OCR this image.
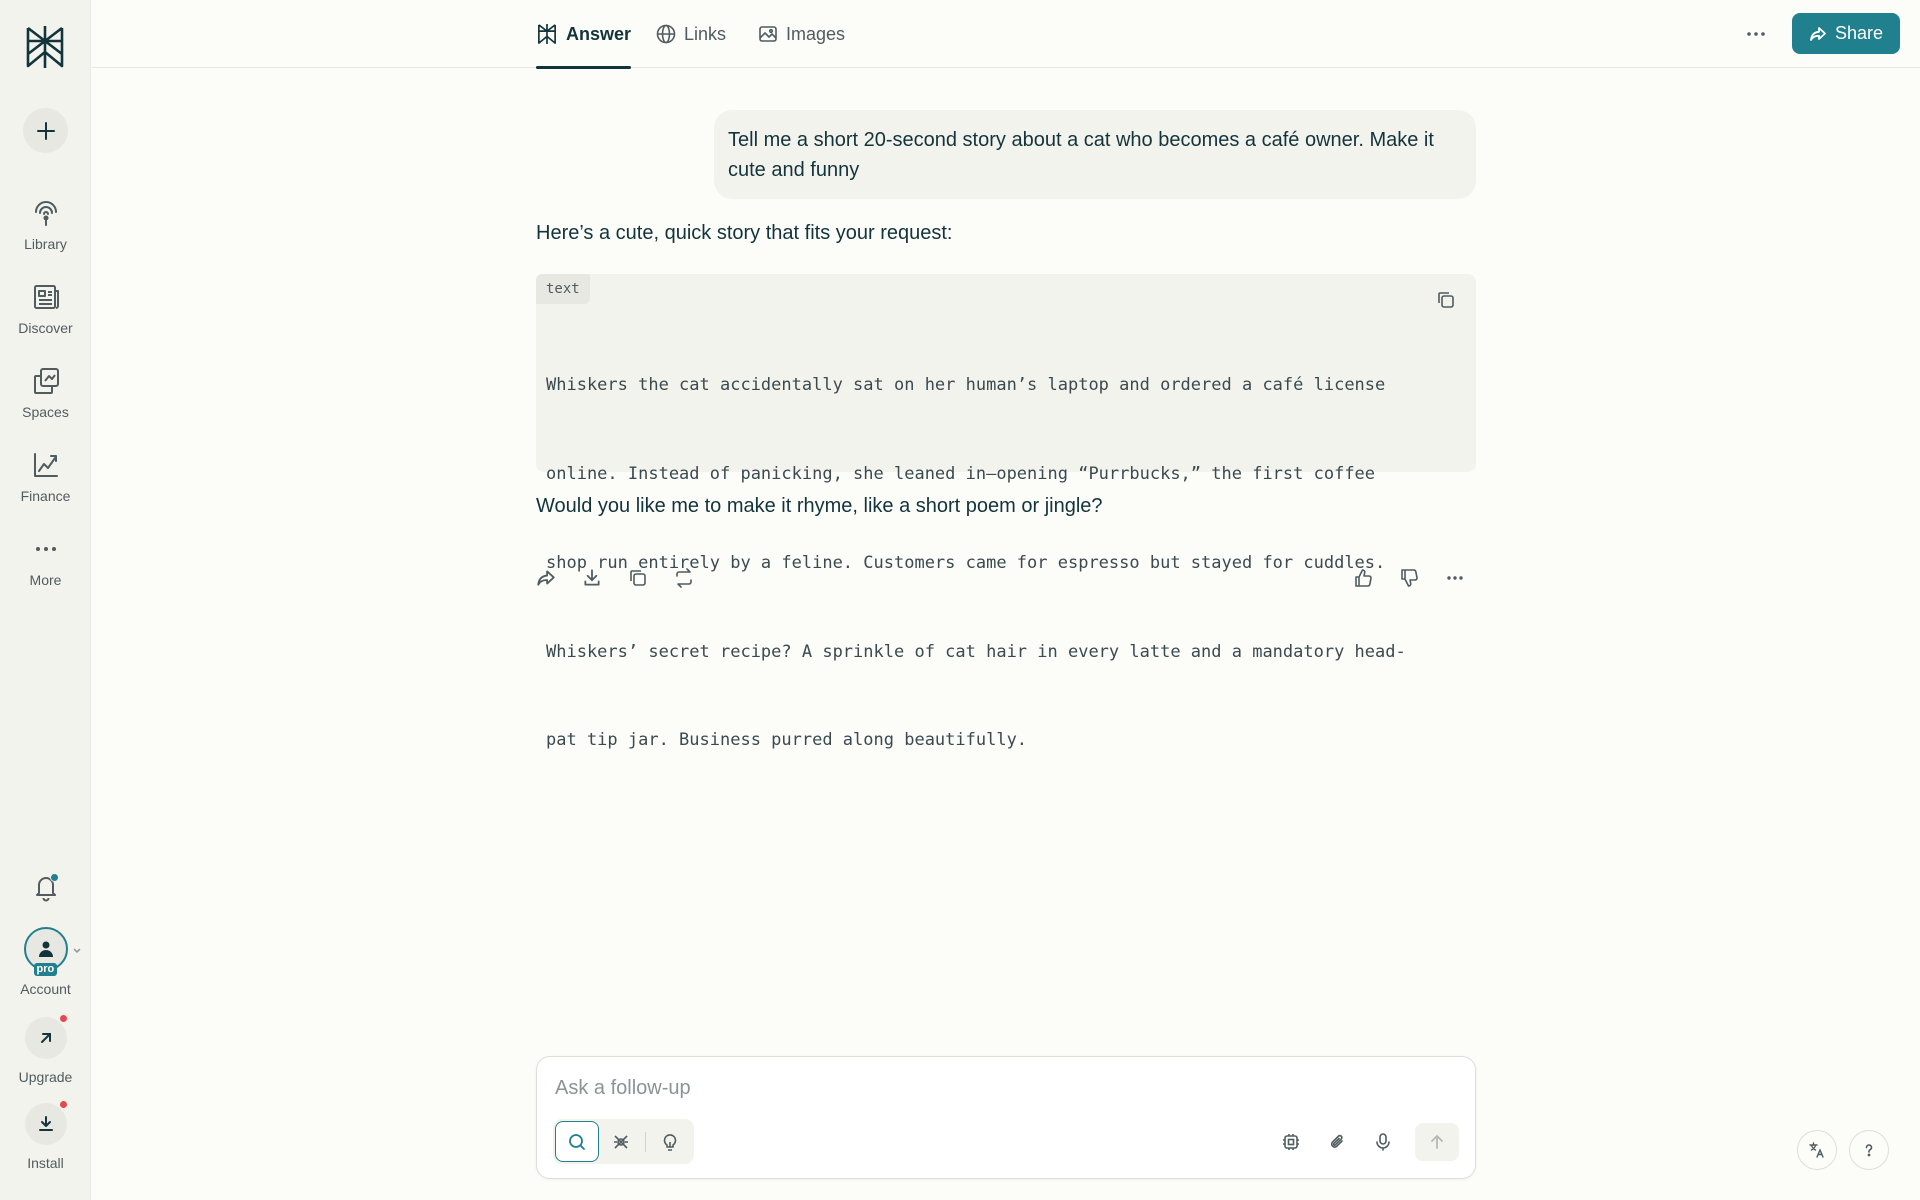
Library
Discover
Spaces
Finance
More
pro
Account
Upgrade
Install
Answer	Links	Images	Share
Tell me a short 20-second story about a cat who becomes a café owner. Make it cute and funny

Here’s a cute, quick story that fits your request:

text

Whiskers the cat accidentally sat on her human’s laptop and ordered a café license

online. Instead of panicking, she leaned in—opening “Purrbucks,” the first coffee

shop run entirely by a feline. Customers came for espresso but stayed for cuddles.

Whiskers’ secret recipe? A sprinkle of cat hair in every latte and a mandatory head-

pat tip jar. Business purred along beautifully.

Would you like me to make it rhyme, like a short poem or jingle?

Ask a follow-up
